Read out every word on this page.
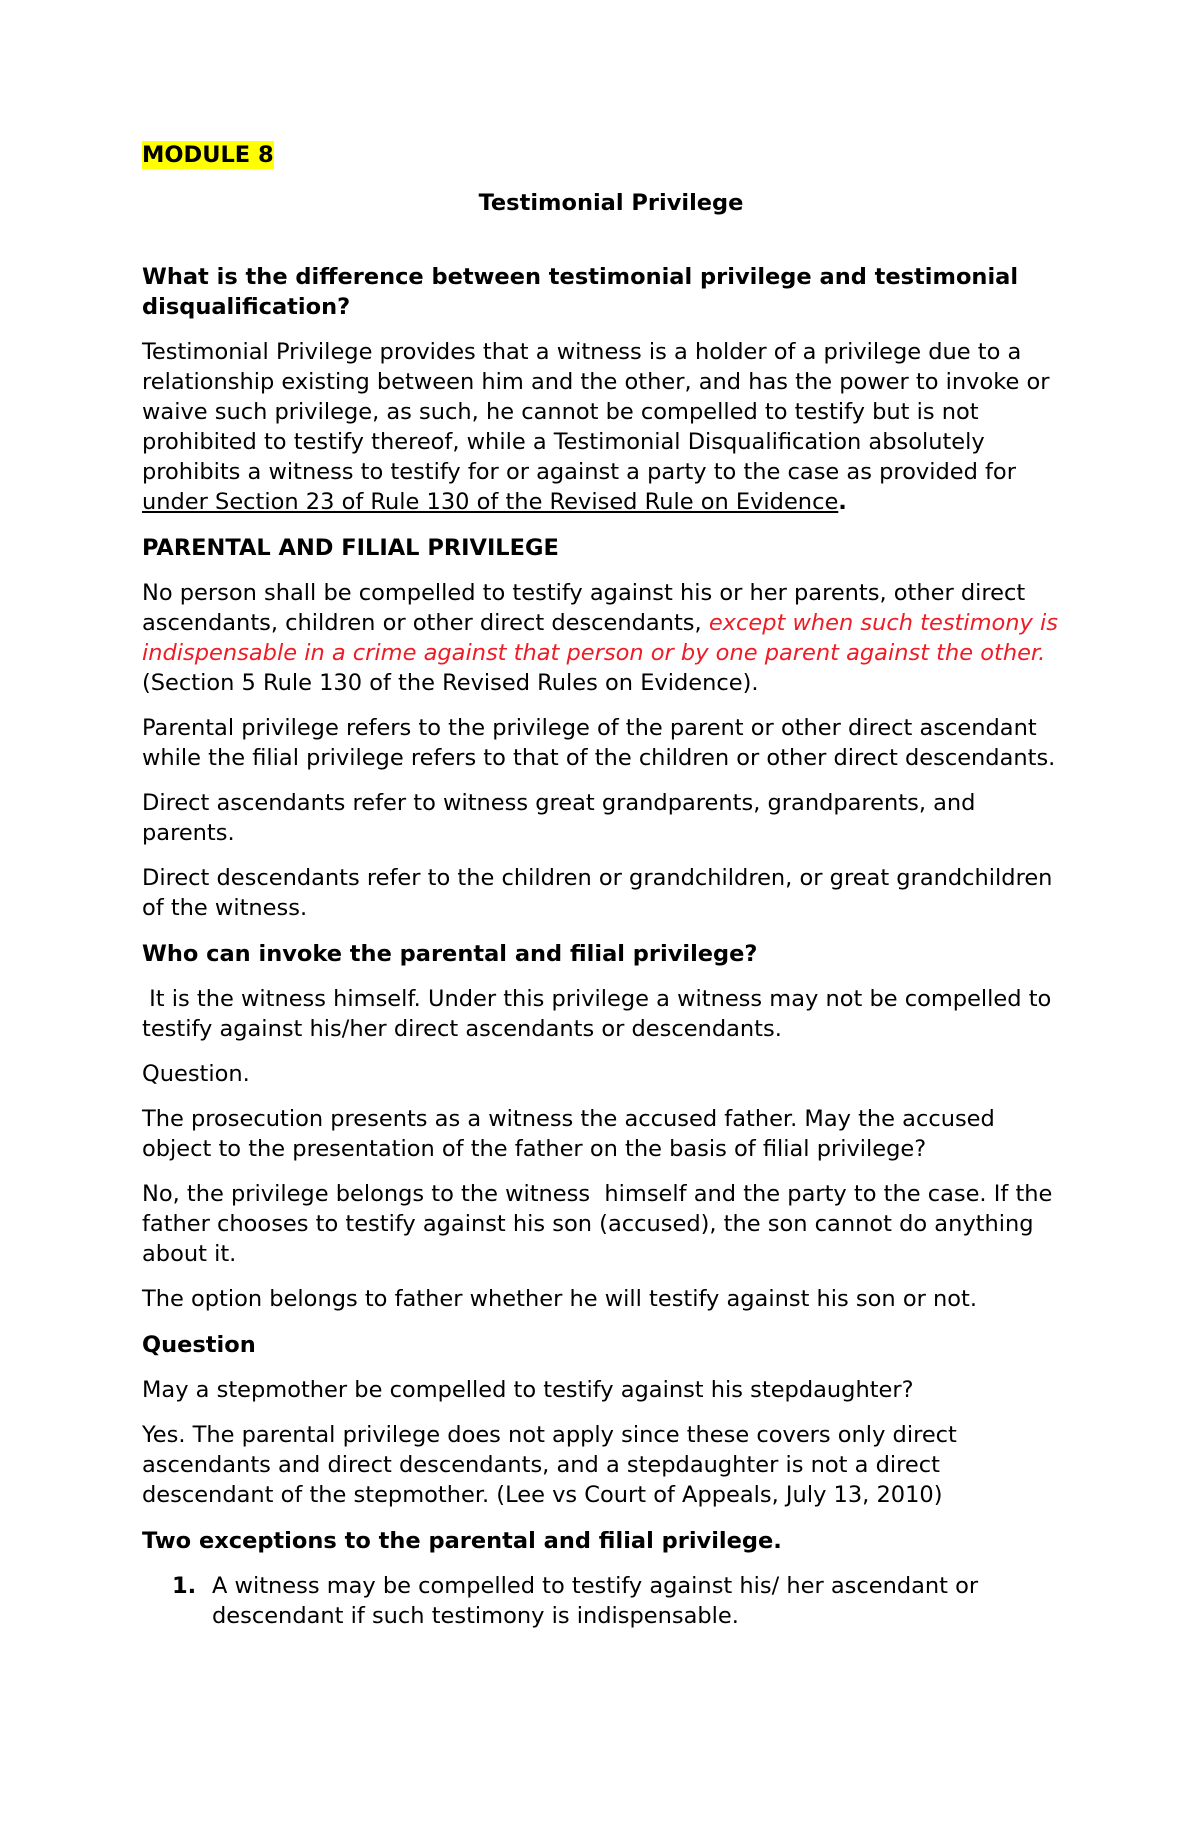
MODULE 8
Testimonial Privilege

What is the difference between testimonial privilege and testimonial disqualification?

Testimonial Privilege provides that a witness is a holder of a privilege due to a relationship existing between him and the other, and has the power to invoke or waive such privilege, as such, he cannot be compelled to testify but is not prohibited to testify thereof, while a Testimonial Disqualification absolutely prohibits a witness to testify for or against a party to the case as provided for under Section 23 of Rule 130 of the Revised Rule on Evidence.

PARENTAL AND FILIAL PRIVILEGE

No person shall be compelled to testify against his or her parents, other direct ascendants, children or other direct descendants, except when such testimony is indispensable in a crime against that person or by one parent against the other. (Section 5 Rule 130 of the Revised Rules on Evidence).

Parental privilege refers to the privilege of the parent or other direct ascendant while the filial privilege refers to that of the children or other direct descendants.

Direct ascendants refer to witness great grandparents, grandparents, and parents.

Direct descendants refer to the children or grandchildren, or great grandchildren of the witness.

Who can invoke the parental and filial privilege?

It is the witness himself. Under this privilege a witness may not be compelled to testify against his/her direct ascendants or descendants.

Question.

The prosecution presents as a witness the accused father. May the accused object to the presentation of the father on the basis of filial privilege?

No, the privilege belongs to the witness  himself and the party to the case. If the father chooses to testify against his son (accused), the son cannot do anything about it.

The option belongs to father whether he will testify against his son or not.

Question

May a stepmother be compelled to testify against his stepdaughter?

Yes. The parental privilege does not apply since these covers only direct ascendants and direct descendants, and a stepdaughter is not a direct descendant of the stepmother. (Lee vs Court of Appeals, July 13, 2010)

Two exceptions to the parental and filial privilege.

1. A witness may be compelled to testify against his/ her ascendant or descendant if such testimony is indispensable.
